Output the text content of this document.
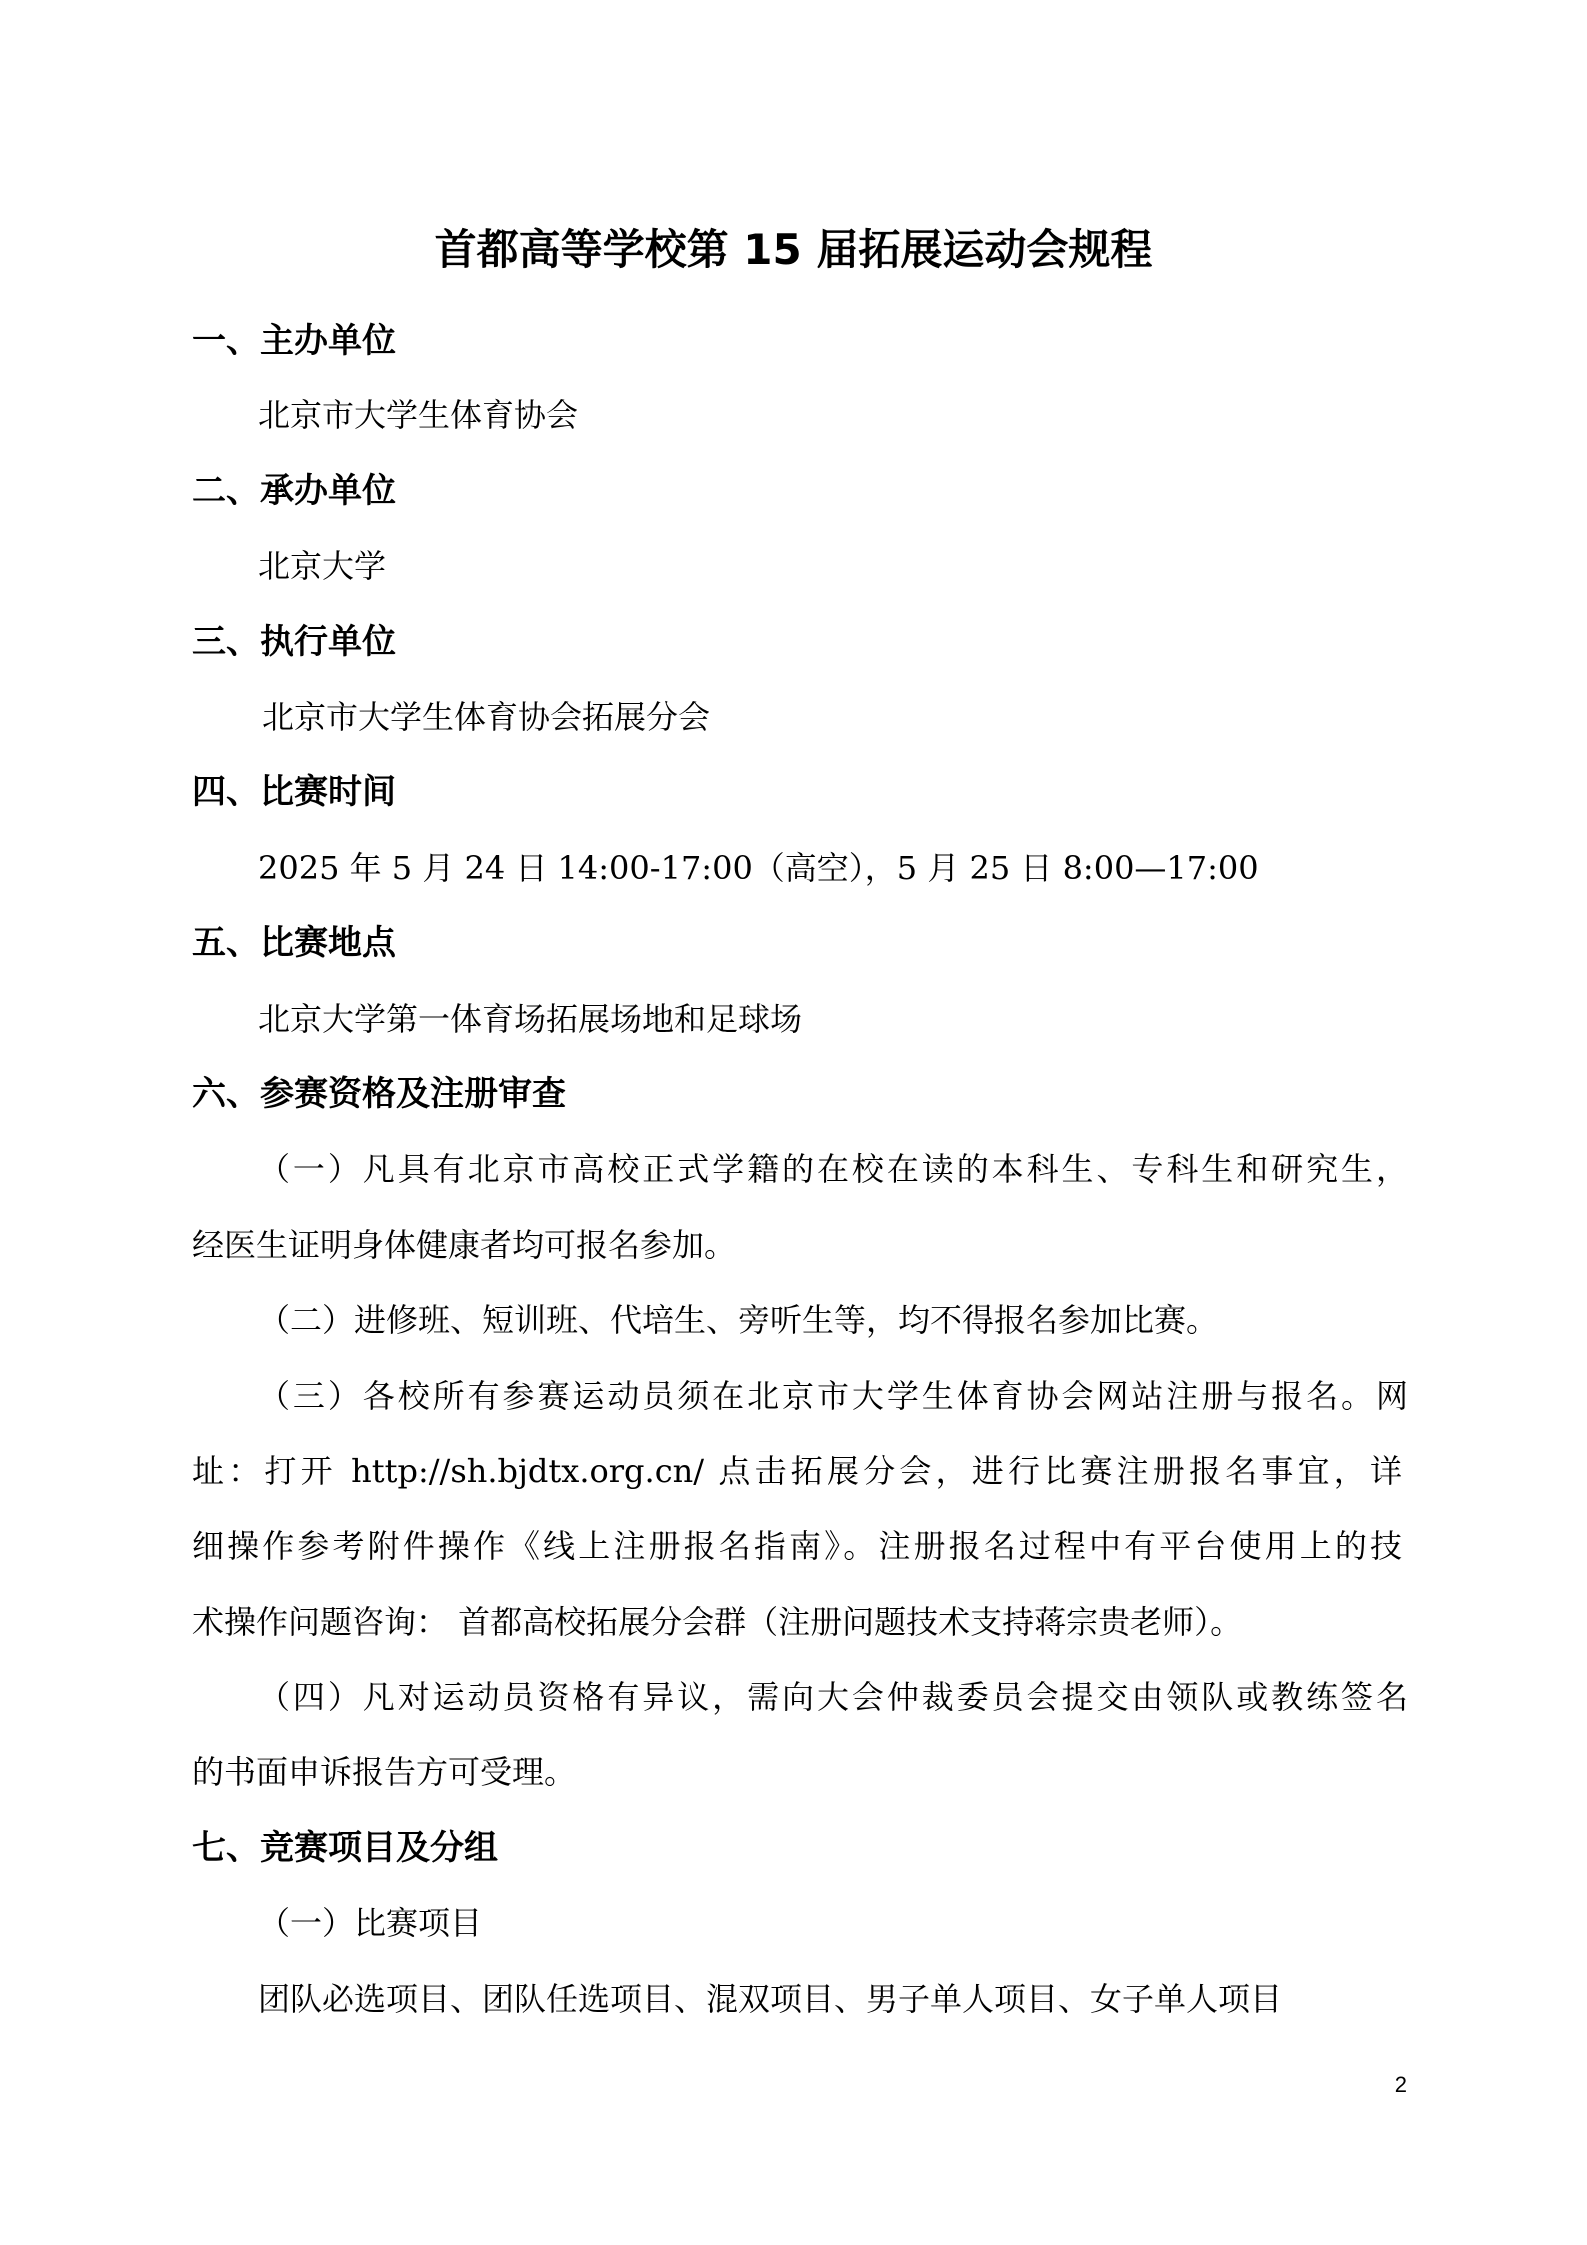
首都高等学校第 15 届拓展运动会规程
一、主办单位
北京市大学生体育协会
二、承办单位
北京大学
三、执行单位
北京市大学生体育协会拓展分会
四、比赛时间
2025 年 5 月 24 日 14:00-17:00（高空），5 月 25 日 8:00—17:00
五、比赛地点
北京大学第一体育场拓展场地和足球场
六、参赛资格及注册审查
（一）凡具有北京市高校正式学籍的在校在读的本科生、专科生和研究生，
经医生证明身体健康者均可报名参加。
（二）进修班、短训班、代培生、旁听生等，均不得报名参加比赛。
（三）各校所有参赛运动员须在北京市大学生体育协会网站注册与报名。网
址：打开 http://sh.bjdtx.org.cn/ 点击拓展分会，进行比赛注册报名事宜，详
细操作参考附件操作《线上注册报名指南》。注册报名过程中有平台使用上的技
术操作问题咨询： 首都高校拓展分会群（注册问题技术支持蒋宗贵老师）。
（四）凡对运动员资格有异议，需向大会仲裁委员会提交由领队或教练签名
的书面申诉报告方可受理。
七、竞赛项目及分组
（一）比赛项目
团队必选项目、团队任选项目、混双项目、男子单人项目、女子单人项目
2
